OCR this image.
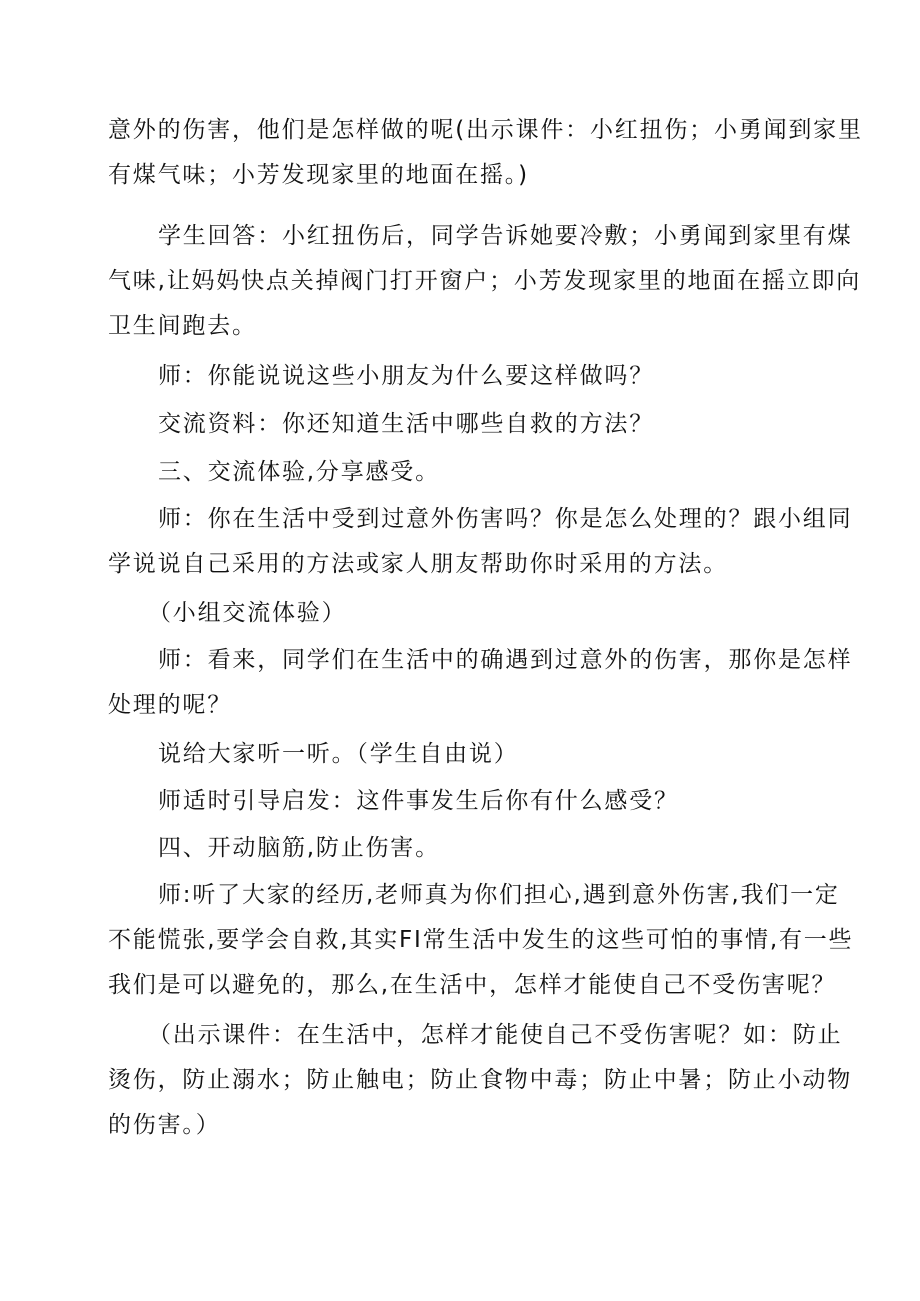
意外的伤害，他们是怎样做的呢(出示课件：小红扭伤；小勇闻到家里
有煤气味；小芳发现家里的地面在摇。)
学生回答：小红扭伤后，同学告诉她要冷敷；小勇闻到家里有煤
气味,让妈妈快点关掉阀门打开窗户；小芳发现家里的地面在摇立即向
卫生间跑去。
师：你能说说这些小朋友为什么要这样做吗？
交流资料：你还知道生活中哪些自救的方法？
三、交流体验,分享感受。
师：你在生活中受到过意外伤害吗？你是怎么处理的？跟小组同
学说说自己采用的方法或家人朋友帮助你时采用的方法。
（小组交流体验）
师：看来，同学们在生活中的确遇到过意外的伤害，那你是怎样
处理的呢？
说给大家听一听。（学生自由说）
师适时引导启发：这件事发生后你有什么感受？
四、开动脑筋,防止伤害。
师:听了大家的经历,老师真为你们担心,遇到意外伤害,我们一定
不能慌张,要学会自救,其实FI常生活中发生的这些可怕的事情,有一些
我们是可以避免的，那么,在生活中，怎样才能使自己不受伤害呢？
（出示课件：在生活中，怎样才能使自己不受伤害呢？如：防止
烫伤，防止溺水；防止触电；防止食物中毒；防止中暑；防止小动物
的伤害。）
